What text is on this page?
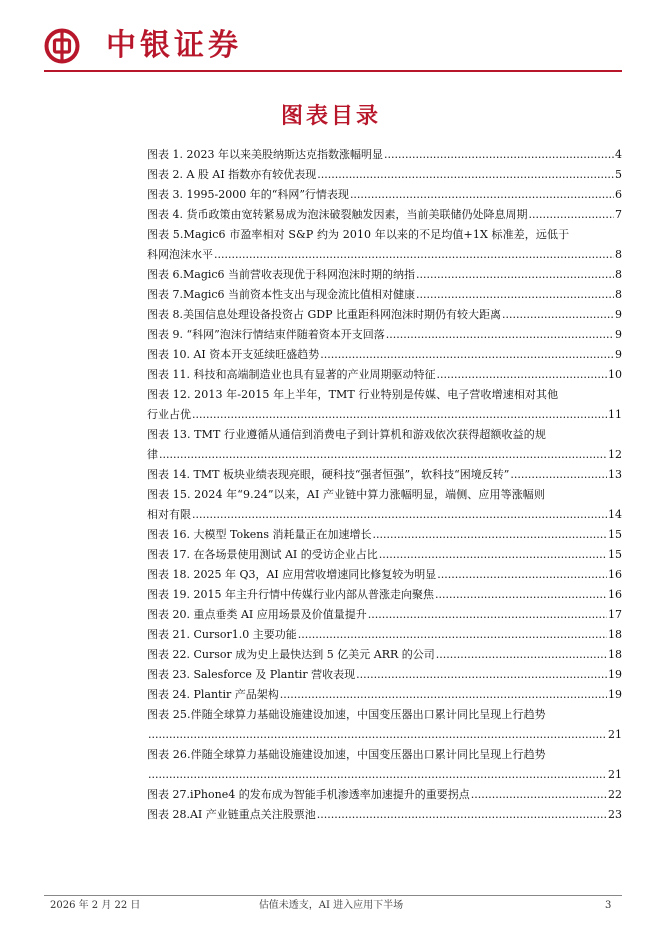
中银证券
图表目录
图表 1. 2023 年以来美股纳斯达克指数涨幅明显 .....	4
图表 2. A 股 AI 指数亦有较优表现 .....	5
图表 3. 1995-2000 年的“科网”行情表现 .....	6
图表 4. 货币政策由宽转紧易成为泡沫破裂触发因素，当前美联储仍处降息周期 .....	7
图表 5.Magic6 市盈率相对 S&P 约为 2010 年以来的不足均值+1X 标准差，远低于
科网泡沫水平 .....	8
图表 6.Magic6 当前营收表现优于科网泡沫时期的纳指 .....	8
图表 7.Magic6 当前资本性支出与现金流比值相对健康 .....	8
图表 8.美国信息处理设备投资占 GDP 比重距科网泡沫时期仍有较大距离 .....	9
图表 9. “科网”泡沫行情结束伴随着资本开支回落 .....	9
图表 10. AI 资本开支延续旺盛趋势 .....	9
图表 11. 科技和高端制造业也具有显著的产业周期驱动特征 .....	10
图表 12. 2013 年-2015 年上半年，TMT 行业特别是传媒、电子营收增速相对其他
行业占优 .....	11
图表 13. TMT 行业遵循从通信到消费电子到计算机和游戏依次获得超额收益的规
律 .....	12
图表 14. TMT 板块业绩表现亮眼，硬科技“强者恒强”，软科技“困境反转” .....	13
图表 15. 2024 年“9.24”以来，AI 产业链中算力涨幅明显，端侧、应用等涨幅则
相对有限 .....	14
图表 16. 大模型 Tokens 消耗量正在加速增长 .....	15
图表 17. 在各场景使用测试 AI 的受访企业占比 .....	15
图表 18. 2025 年 Q3，AI 应用营收增速同比修复较为明显 .....	16
图表 19. 2015 年主升行情中传媒行业内部从普涨走向聚焦 .....	16
图表 20. 重点垂类 AI 应用场景及价值量提升 .....	17
图表 21. Cursor1.0 主要功能 .....	18
图表 22. Cursor 成为史上最快达到 5 亿美元 ARR 的公司 .....	18
图表 23. Salesforce 及 Plantir 营收表现 .....	19
图表 24. Plantir 产品架构 .....	19
图表 25.伴随全球算力基础设施建设加速，中国变压器出口累计同比呈现上行趋势
.....
21
图表 26.伴随全球算力基础设施建设加速，中国变压器出口累计同比呈现上行趋势
.....
21
图表 27.iPhone4 的发布成为智能手机渗透率加速提升的重要拐点 .....	22
图表 28.AI 产业链重点关注股票池 .....	23
2026 年 2 月 22 日	估值未透支，AI 进入应用下半场	3
